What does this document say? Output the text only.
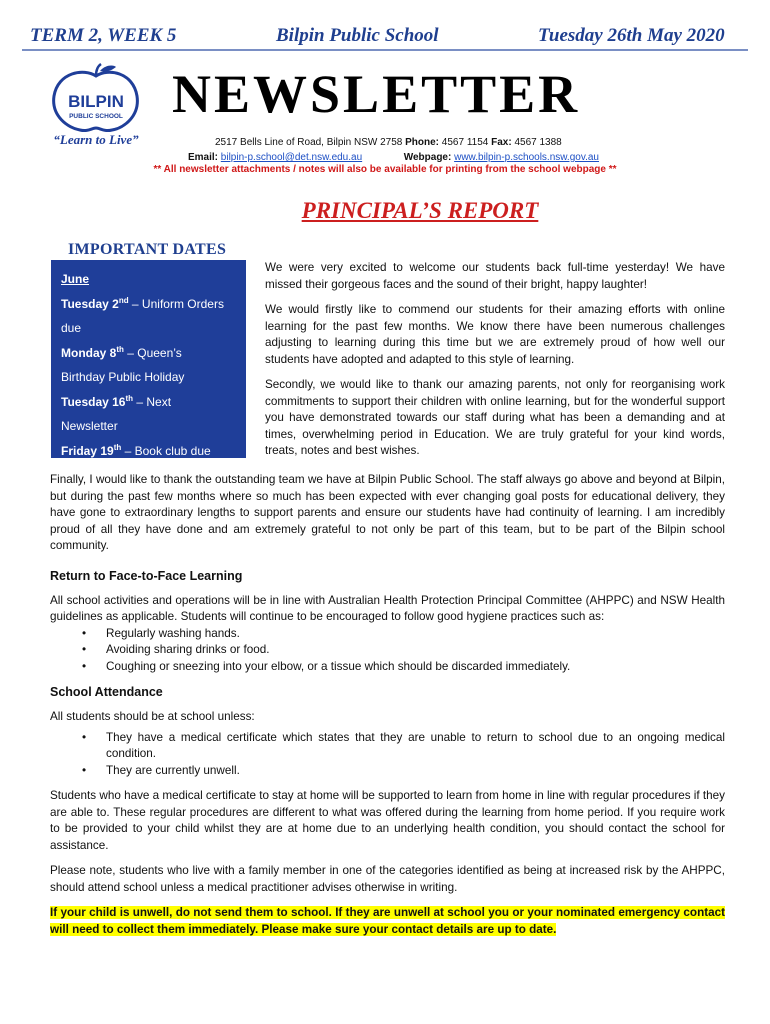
TERM 2, WEEK 5	Bilpin Public School	Tuesday 26th May 2020
BILPIN
PUBLIC SCHOOL
“Learn to Live”
NEWSLETTER
2517 Bells Line of Road, Bilpin NSW 2758 Phone: 4567 1154 Fax: 4567 1388
Email: bilpin-p.school@det.nsw.edu.au	Webpage: www.bilpin-p.schools.nsw.gov.au
** All newsletter attachments / notes will also be available for printing from the school webpage **
PRINCIPAL’S REPORT
IMPORTANT DATES
June
Tuesday 2nd – Uniform Orders
due
Monday 8th – Queen’s
Birthday Public Holiday
Tuesday 16th – Next
Newsletter
Friday 19th – Book club due

We were very excited to welcome our students back full-time yesterday! We have missed their gorgeous faces and the sound of their bright, happy laughter!

We would firstly like to commend our students for their amazing efforts with online learning for the past few months. We know there have been numerous challenges adjusting to learning during this time but we are extremely proud of how well our students have adopted and adapted to this style of learning.

Secondly, we would like to thank our amazing parents, not only for reorganising work commitments to support their children with online learning, but for the wonderful support you have demonstrated towards our staff during what has been a demanding and at times, overwhelming period in Education. We are truly grateful for your kind words, treats, notes and best wishes.

Finally, I would like to thank the outstanding team we have at Bilpin Public School. The staff always go above and beyond at Bilpin, but during the past few months where so much has been expected with ever changing goal posts for educational delivery, they have gone to extraordinary lengths to support parents and ensure our students have had continuity of learning. I am incredibly proud of all they have done and am extremely grateful to not only be part of this team, but to be part of the Bilpin school community.

Return to Face-to-Face Learning

All school activities and operations will be in line with Australian Health Protection Principal Committee (AHPPC) and NSW Health guidelines as applicable. Students will continue to be encouraged to follow good hygiene practices such as:

• Regularly washing hands.
• Avoiding sharing drinks or food.
• Coughing or sneezing into your elbow, or a tissue which should be discarded immediately.
School Attendance

All students should be at school unless:

• They have a medical certificate which states that they are unable to return to school due to an ongoing medical condition.
• They are currently unwell.

Students who have a medical certificate to stay at home will be supported to learn from home in line with regular procedures if they are able to. These regular procedures are different to what was offered during the learning from home period. If you require work to be provided to your child whilst they are at home due to an underlying health condition, you should contact the school for assistance.

Please note, students who live with a family member in one of the categories identified as being at increased risk by the AHPPC, should attend school unless a medical practitioner advises otherwise in writing.

If your child is unwell, do not send them to school. If they are unwell at school you or your nominated emergency contact will need to collect them immediately. Please make sure your contact details are up to date.
